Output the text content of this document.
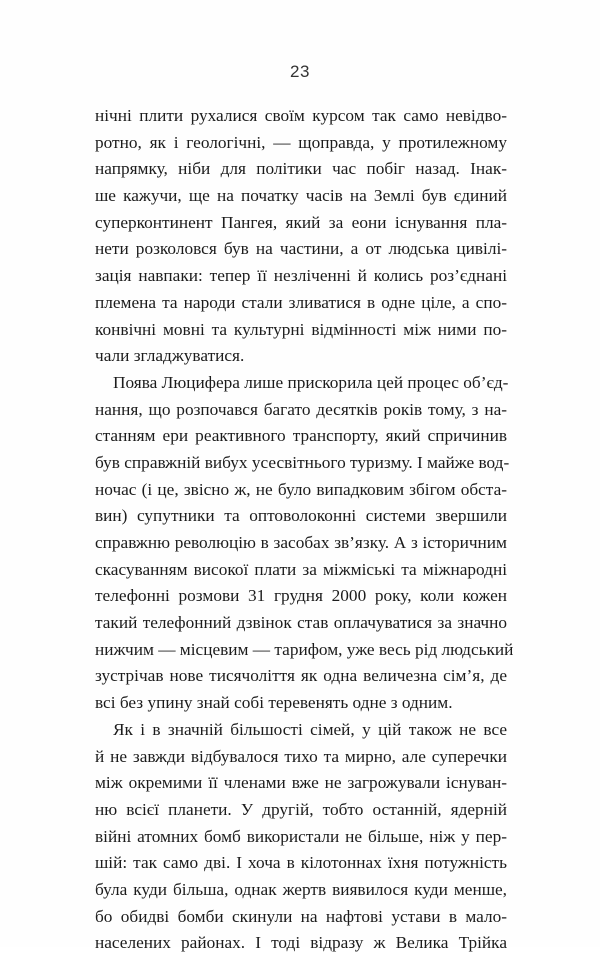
23
нічні плити рухалися своїм курсом так само невідво-
ротно, як і геологічні, — щоправда, у протилежному
напрямку, ніби для політики час побіг назад. Інак-
ше кажучи, ще на початку часів на Землі був єдиний
суперконтинент Пангея, який за еони існування пла-
нети розколовся був на частини, а от людська цивілі-
зація навпаки: тепер її незліченні й колись роз’єднані
племена та народи стали зливатися в одне ціле, а спо-
конвічні мовні та культурні відмінності між ними по-
чали згладжуватися.
Поява Люцифера лише прискорила цей процес об’єд-
нання, що розпочався багато десятків років тому, з на-
станням ери реактивного транспорту, який спричинив
був справжній вибух усесвітнього туризму. І майже вод-
ночас (і це, звісно ж, не було випадковим збігом обста-
вин) супутники та оптоволоконні системи звершили
справжню революцію в засобах зв’язку. А з історичним
скасуванням високої плати за міжміські та міжнародні
телефонні розмови 31 грудня 2000 року, коли кожен
такий телефонний дзвінок став оплачуватися за значно
нижчим — місцевим — тарифом, уже весь рід людський
зустрічав нове тисячоліття як одна величезна сім’я, де
всі без упину знай собі теревенять одне з одним.
Як і в значній більшості сімей, у цій також не все
й не завжди відбувалося тихо та мирно, але суперечки
між окремими її членами вже не загрожували існуван-
ню всієї планети. У другій, тобто останній, ядерній
війні атомних бомб використали не більше, ніж у пер-
шій: так само дві. І хоча в кілотоннах їхня потужність
була куди більша, однак жертв виявилося куди менше,
бо обидві бомби скинули на нафтові устави в мало-
населених районах. І тоді відразу ж Велика Трійка
